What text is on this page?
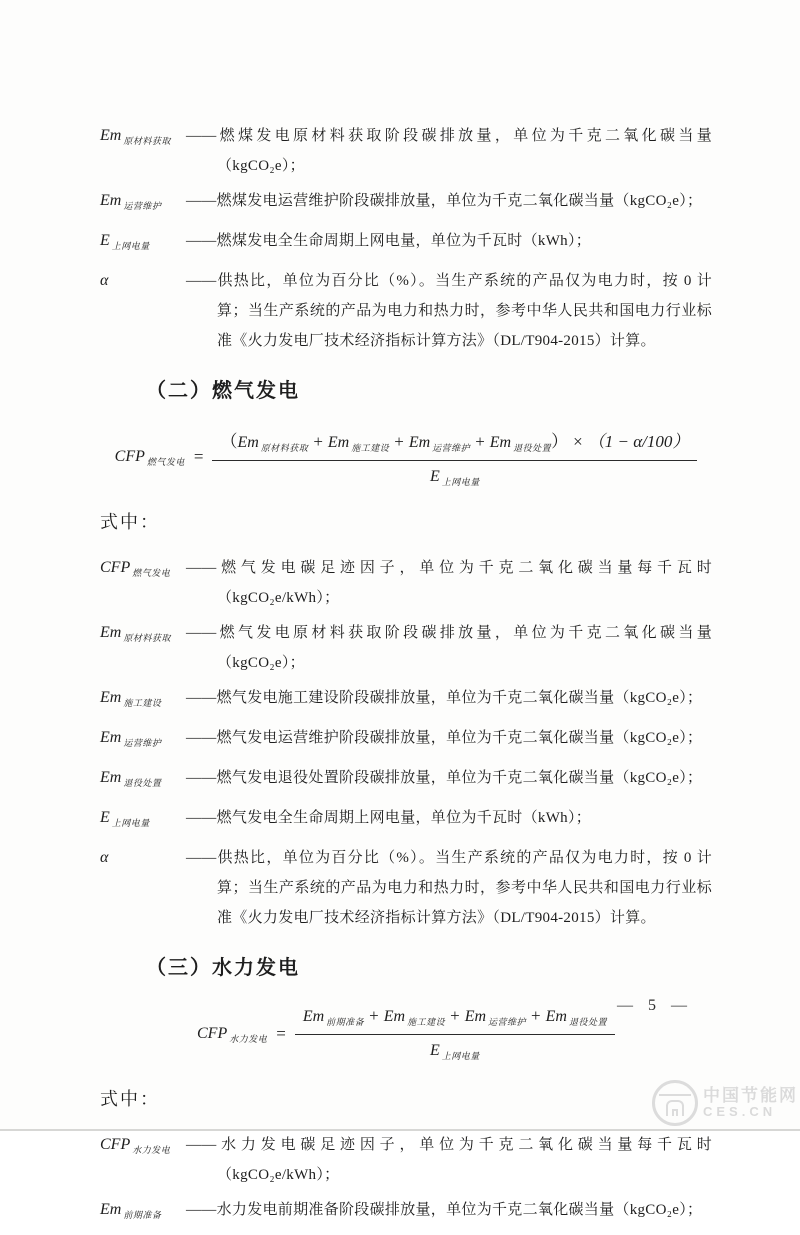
Em $_{原材料获取}$	——燃煤发电原材料获取阶段碳排放量，单位为千克二氧化碳当量（kgCO₂e）；
Em $_{运营维护}$	——燃煤发电运营维护阶段碳排放量，单位为千克二氧化碳当量（kgCO₂e）；
E $_{上网电量}$	——燃煤发电全生命周期上网电量，单位为千瓦时（kWh）；
α	——供热比，单位为百分比（%）。当生产系统的产品仅为电力时，按 0 计算；当生产系统的产品为电力和热力时，参考中华人民共和国电力行业标准《火力发电厂技术经济指标计算方法》（DL/T904-2015）计算。
（二）燃气发电
CFP $_{燃气发电} = \frac{(Em _{原材料获取} + Em _{施工建设} + Em _{运营维护} + Em _{退役处置}) \times (1 - \alpha/100)}{E _{上网电量}}$
式中：
CFP $_{燃气发电}$	——燃气发电碳足迹因子，单位为千克二氧化碳当量每千瓦时（kgCO₂e/kWh）；
Em $_{原材料获取}$	——燃气发电原材料获取阶段碳排放量，单位为千克二氧化碳当量（kgCO₂e）；
Em $_{施工建设}$	——燃气发电施工建设阶段碳排放量，单位为千克二氧化碳当量（kgCO₂e）；
Em $_{运营维护}$	——燃气发电运营维护阶段碳排放量，单位为千克二氧化碳当量（kgCO₂e）；
Em $_{退役处置}$	——燃气发电退役处置阶段碳排放量，单位为千克二氧化碳当量（kgCO₂e）；
E $_{上网电量}$	——燃气发电全生命周期上网电量，单位为千瓦时（kWh）；
α	——供热比，单位为百分比（%）。当生产系统的产品仅为电力时，按 0 计算；当生产系统的产品为电力和热力时，参考中华人民共和国电力行业标准《火力发电厂技术经济指标计算方法》（DL/T904-2015）计算。
（三）水力发电
CFP $_{水力发电} = \frac{Em _{前期准备} + Em _{施工建设} + Em _{运营维护} + Em _{退役处置}}{E _{上网电量}}$
式中：
CFP $_{水力发电}$	——水力发电碳足迹因子，单位为千克二氧化碳当量每千瓦时（kgCO₂e/kWh）；
Em $_{前期准备}$	——水力发电前期准备阶段碳排放量，单位为千克二氧化碳当量（kgCO₂e）；
— 5 —
中国节能网
CES.CN
